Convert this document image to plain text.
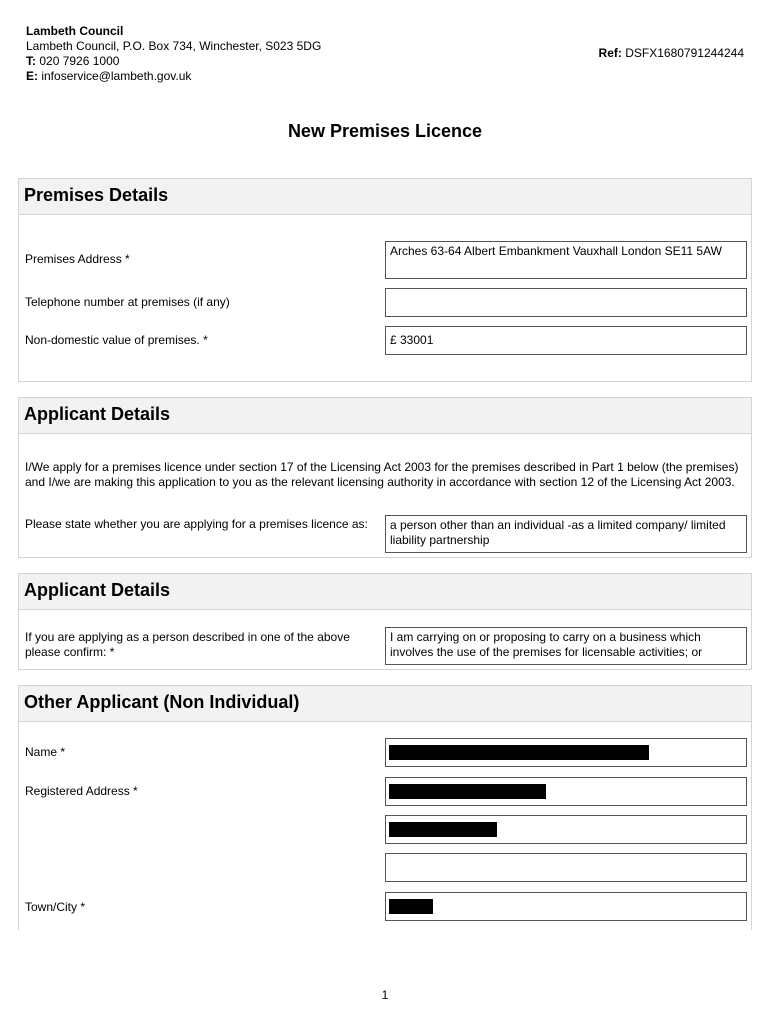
Lambeth Council
Lambeth Council, P.O. Box 734, Winchester, S023 5DG
T: 020 7926 1000
E: infoservice@lambeth.gov.uk
Ref: DSFX1680791244244
New Premises Licence
Premises Details
Premises Address *
Arches 63-64 Albert Embankment Vauxhall London SE11 5AW
Telephone number at premises (if any)
Non-domestic value of premises. *	£ 33001
Applicant Details
I/We apply for a premises licence under section 17 of the Licensing Act 2003 for the premises described in Part 1 below (the premises) and I/we are making this application to you as the relevant licensing authority in accordance with section 12 of the Licensing Act 2003.
Please state whether you are applying for a premises licence as:	a person other than an individual -as a limited company/ limited liability partnership
Applicant Details
If you are applying as a person described in one of the above please confirm: *
I am carrying on or proposing to carry on a business which involves the use of the premises for licensable activities; or
Other Applicant (Non Individual)
Name *
Registered Address *
Town/City *
1
